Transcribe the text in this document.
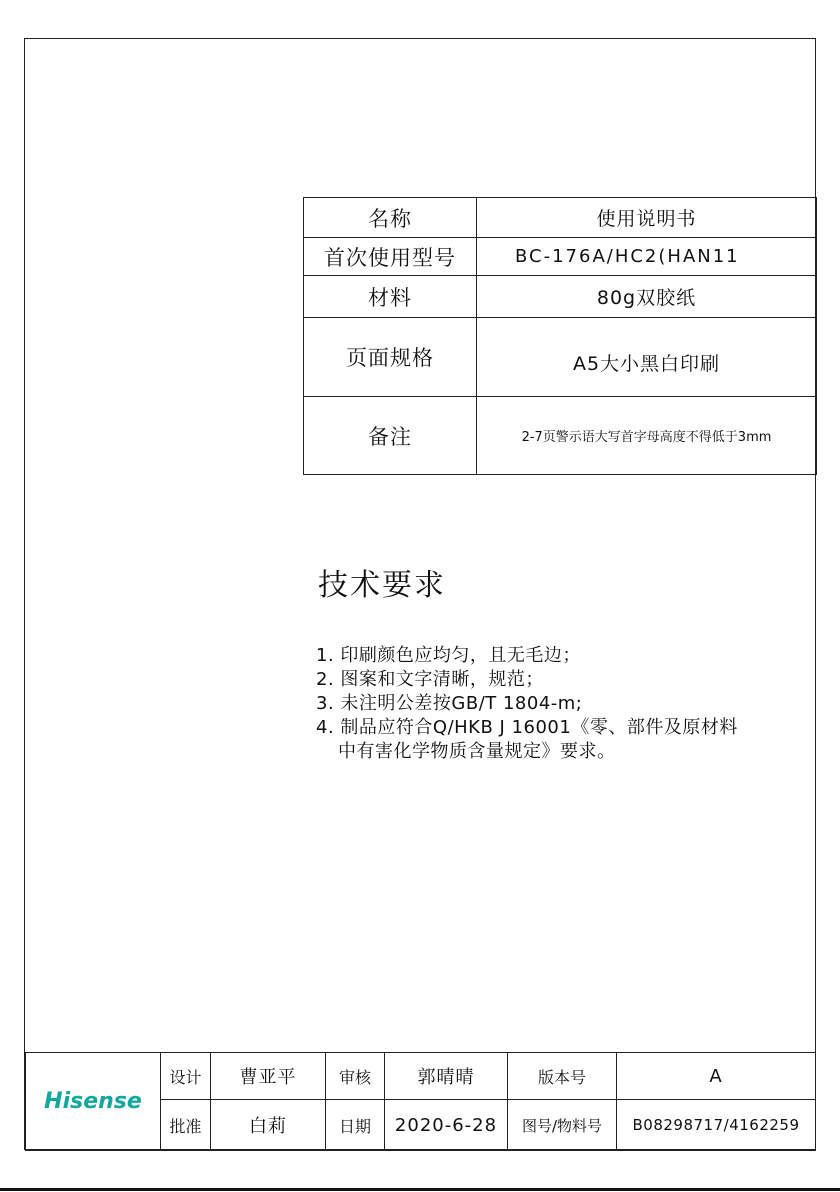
名称	使用说明书
首次使用型号	BC-176A/HC2(HAN11
材料	80g双胶纸
页面规格	A5大小黑白印刷
备注	2-7页警示语大写首字母高度不得低于3mm
技术要求
1. 印刷颜色应均匀，且无毛边；
2. 图案和文字清晰，规范；
3. 未注明公差按GB/T 1804-m;
4. 制品应符合Q/HKB J 16001《零、部件及原材料
中有害化学物质含量规定》要求。
Hisense	设计	曹亚平	审核	郭晴晴	版本号	A
	批准	白莉	日期	2020-6-28	图号/物料号	B08298717/4162259
